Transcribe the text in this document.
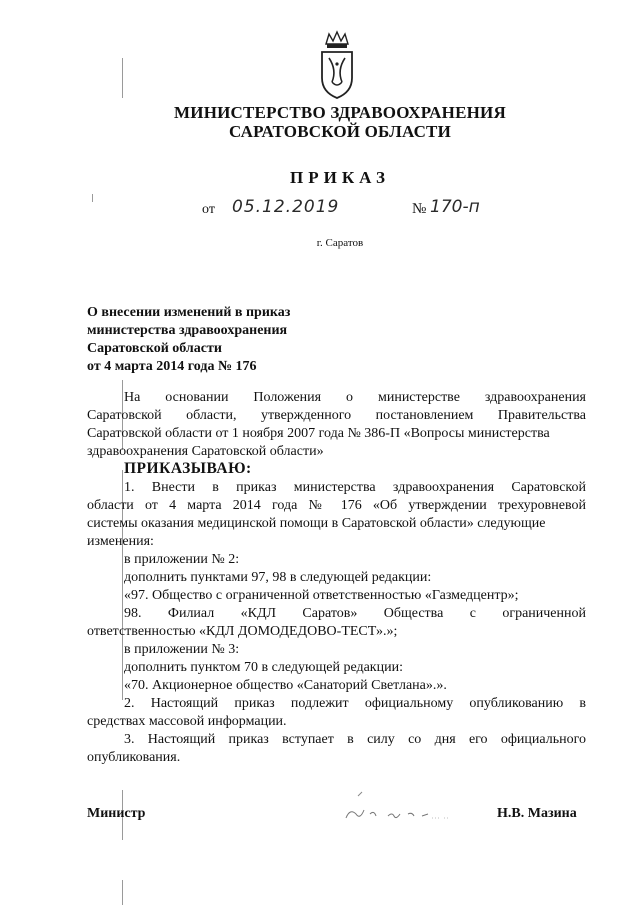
МИНИСТЕРСТВО ЗДРАВООХРАНЕНИЯ
САРАТОВСКОЙ ОБЛАСТИ
ПРИКАЗ
от 05.12.2019	№ 170-п
г. Саратов
О внесении изменений в приказ
министерства здравоохранения
Саратовской области
от 4 марта 2014 года № 176
На основании Положения о министерстве здравоохранения
Саратовской области, утвержденного постановлением Правительства
Саратовской области от 1 ноября 2007 года № 386-П «Вопросы министерства
здравоохранения Саратовской области»
ПРИКАЗЫВАЮ:
1. Внести в приказ министерства здравоохранения Саратовской
области от 4 марта 2014 года № 176 «Об утверждении трехуровневой
системы оказания медицинской помощи в Саратовской области» следующие
изменения:
в приложении № 2:
дополнить пунктами 97, 98 в следующей редакции:
«97. Общество с ограниченной ответственностью «Газмедцентр»;
98. Филиал «КДЛ Саратов» Общества с ограниченной
ответственностью «КДЛ ДОМОДЕДОВО-ТЕСТ».»;
в приложении № 3:
дополнить пунктом 70 в следующей редакции:
«70. Акционерное общество «Санаторий Светлана».».
2. Настоящий приказ подлежит официальному опубликованию в
средствах массовой информации.
3. Настоящий приказ вступает в силу со дня его официального
опубликования.
Министр	Н.В. Мазина
